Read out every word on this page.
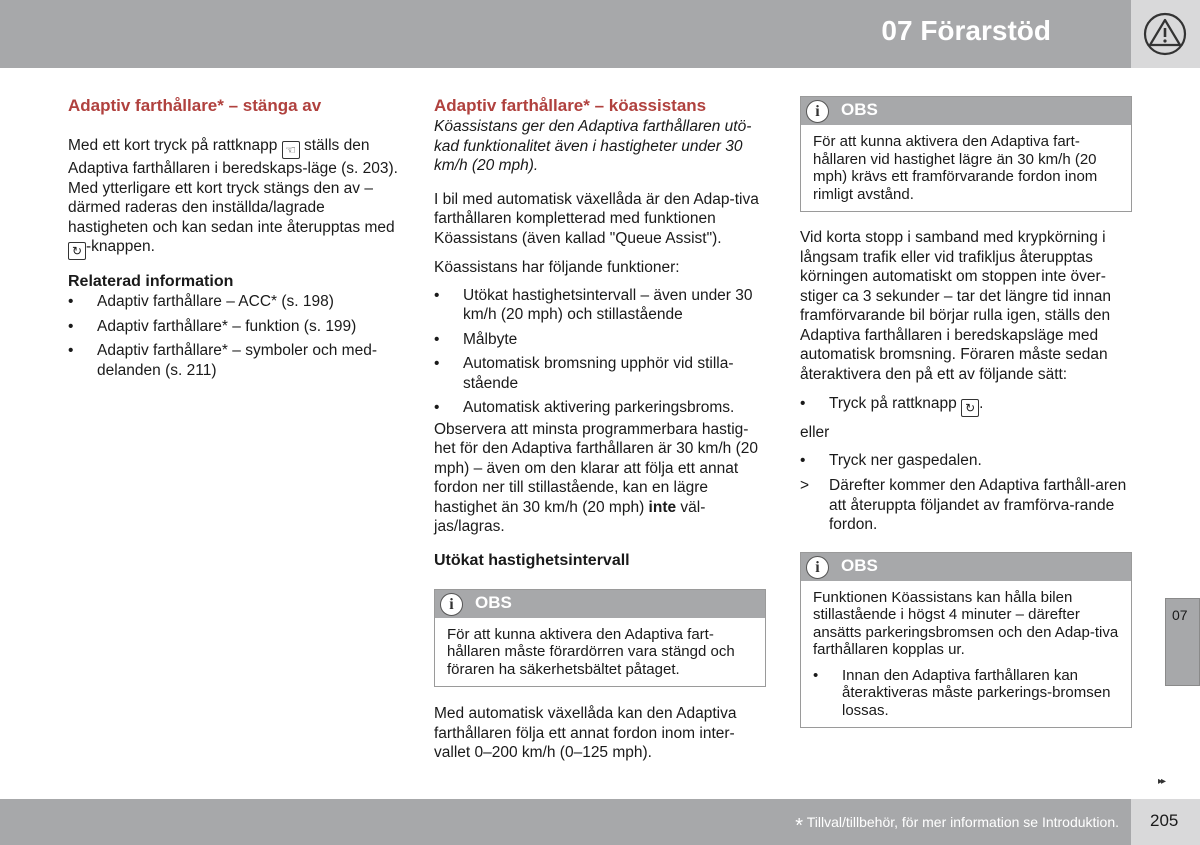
07 Förarstöd
Adaptiv farthållare* – stänga av

Med ett kort tryck på rattknapp ☜ ställs den Adaptiva farthållaren i beredskaps-läge (s. 203). Med ytterligare ett kort tryck stängs den av – därmed raderas den inställda/lagrade hastigheten och kan sedan inte återupptas med ↻ -knappen.

Relaterad information
• Adaptiv farthållare – ACC* (s. 198)
• Adaptiv farthållare* – funktion (s. 199)
• Adaptiv farthållare* – symboler och med-delanden (s. 211)
Adaptiv farthållare* – köassistans

Köassistans ger den Adaptiva farthållaren utö-kad funktionalitet även i hastigheter under 30 km/h (20 mph).

I bil med automatisk växellåda är den Adap-tiva farthållaren kompletterad med funktionen Köassistans (även kallad "Queue Assist").

Köassistans har följande funktioner:

• Utökat hastighetsintervall – även under 30 km/h (20 mph) och stillastående
• Målbyte
• Automatisk bromsning upphör vid stilla-stående
• Automatisk aktivering parkeringsbroms.

Observera att minsta programmerbara hastig-het för den Adaptiva farthållaren är 30 km/h (20 mph) – även om den klarar att följa ett annat fordon ner till stillastående, kan en lägre hastighet än 30 km/h (20 mph) inte väl-jas/lagras.

Utökat hastighetsintervall
i	OBS
För att kunna aktivera den Adaptiva fart-hållaren måste förardörren vara stängd och föraren ha säkerhetsbältet påtaget.

Med automatisk växellåda kan den Adaptiva farthållaren följa ett annat fordon inom inter-vallet 0–200 km/h (0–125 mph).

i	OBS
För att kunna aktivera den Adaptiva fart-hållaren vid hastighet lägre än 30 km/h (20 mph) krävs ett framförvarande fordon inom rimligt avstånd.

Vid korta stopp i samband med krypkörning i långsam trafik eller vid trafikljus återupptas körningen automatiskt om stoppen inte över-stiger ca 3 sekunder – tar det längre tid innan framförvarande bil börjar rulla igen, ställs den Adaptiva farthållaren i beredskapsläge med automatisk bromsning. Föraren måste sedan återaktivera den på ett av följande sätt:

• Tryck på rattknapp ↻ .

eller

• Tryck ner gaspedalen.
> Därefter kommer den Adaptiva farthåll-aren att återuppta följandet av framförva-rande fordon.
i	OBS
Funktionen Köassistans kan hålla bilen stillastående i högst 4 minuter – därefter ansätts parkeringsbromsen och den Adap-tiva farthållaren kopplas ur.
• Innan den Adaptiva farthållaren kan återaktiveras måste parkerings-bromsen lossas.
07
▸▸
* Tillval/tillbehör, för mer information se Introduktion. 205
